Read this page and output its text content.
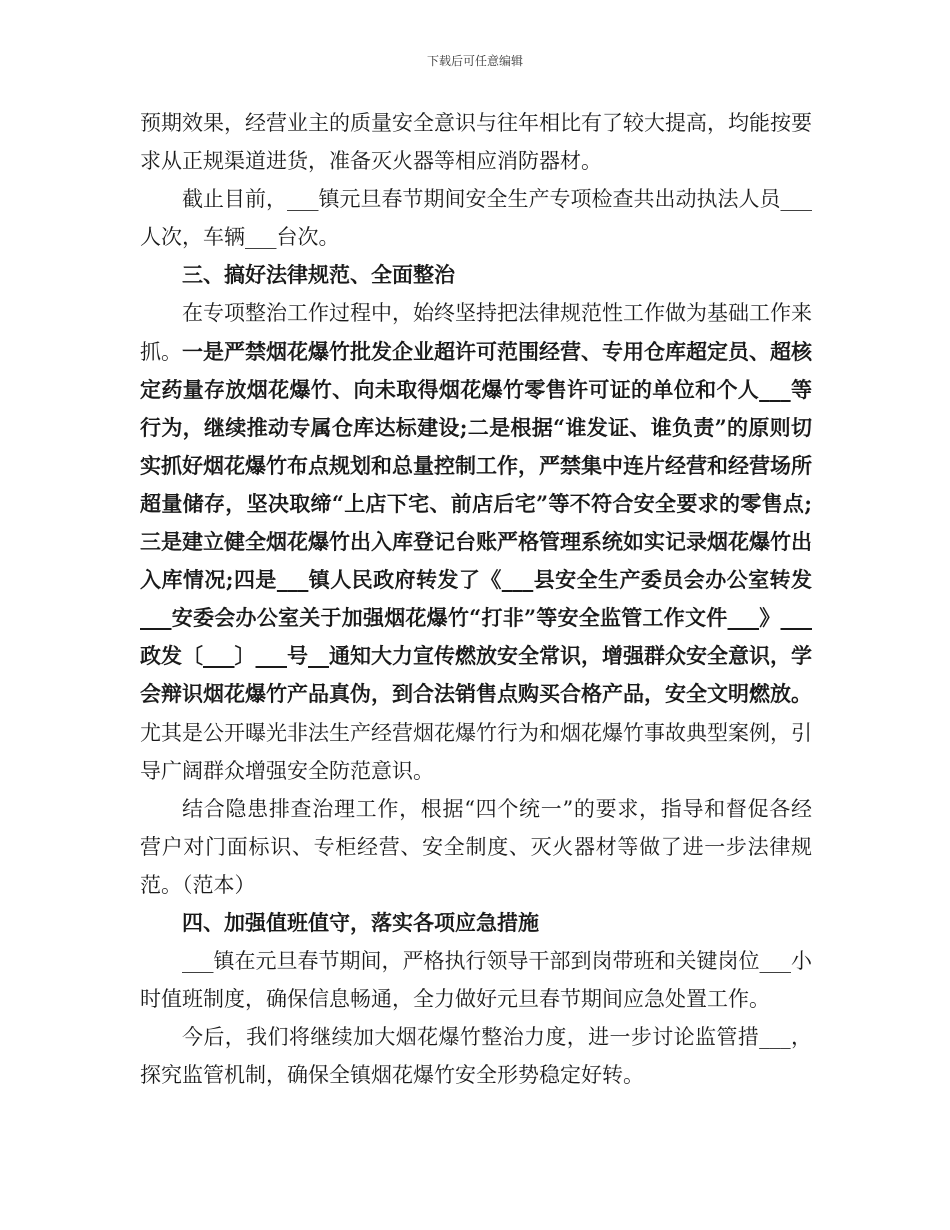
下载后可任意编辑

预期效果，经营业主的质量安全意识与往年相比有了较大提高，均能按要求从正规渠道进货，准备灭火器等相应消防器材。

截止目前，___镇元旦春节期间安全生产专项检查共出动执法人员___人次，车辆___台次。

三、搞好法律规范、全面整治

在专项整治工作过程中，始终坚持把法律规范性工作做为基础工作来抓。一是严禁烟花爆竹批发企业超许可范围经营、专用仓库超定员、超核定药量存放烟花爆竹、向未取得烟花爆竹零售许可证的单位和个人___等行为，继续推动专属仓库达标建设;二是根据“谁发证、谁负责”的原则切实抓好烟花爆竹布点规划和总量控制工作，严禁集中连片经营和经营场所超量储存，坚决取缔“上店下宅、前店后宅”等不符合安全要求的零售点;三是建立健全烟花爆竹出入库登记台账严格管理系统如实记录烟花爆竹出入库情况;四是___镇人民政府转发了《___县安全生产委员会办公室转发___安委会办公室关于加强烟花爆竹“打非”等安全监管工作文件___》___政发〔___〕___号__通知大力宣传燃放安全常识，增强群众安全意识，学会辩识烟花爆竹产品真伪，到合法销售点购买合格产品，安全文明燃放。尤其是公开曝光非法生产经营烟花爆竹行为和烟花爆竹事故典型案例，引导广阔群众增强安全防范意识。

结合隐患排查治理工作，根据“四个统一”的要求，指导和督促各经营户对门面标识、专柜经营、安全制度、灭火器材等做了进一步法律规范。（范本）

四、加强值班值守，落实各项应急措施

___镇在元旦春节期间，严格执行领导干部到岗带班和关键岗位___小时值班制度，确保信息畅通，全力做好元旦春节期间应急处置工作。

今后，我们将继续加大烟花爆竹整治力度，进一步讨论监管措___，探究监管机制，确保全镇烟花爆竹安全形势稳定好转。
